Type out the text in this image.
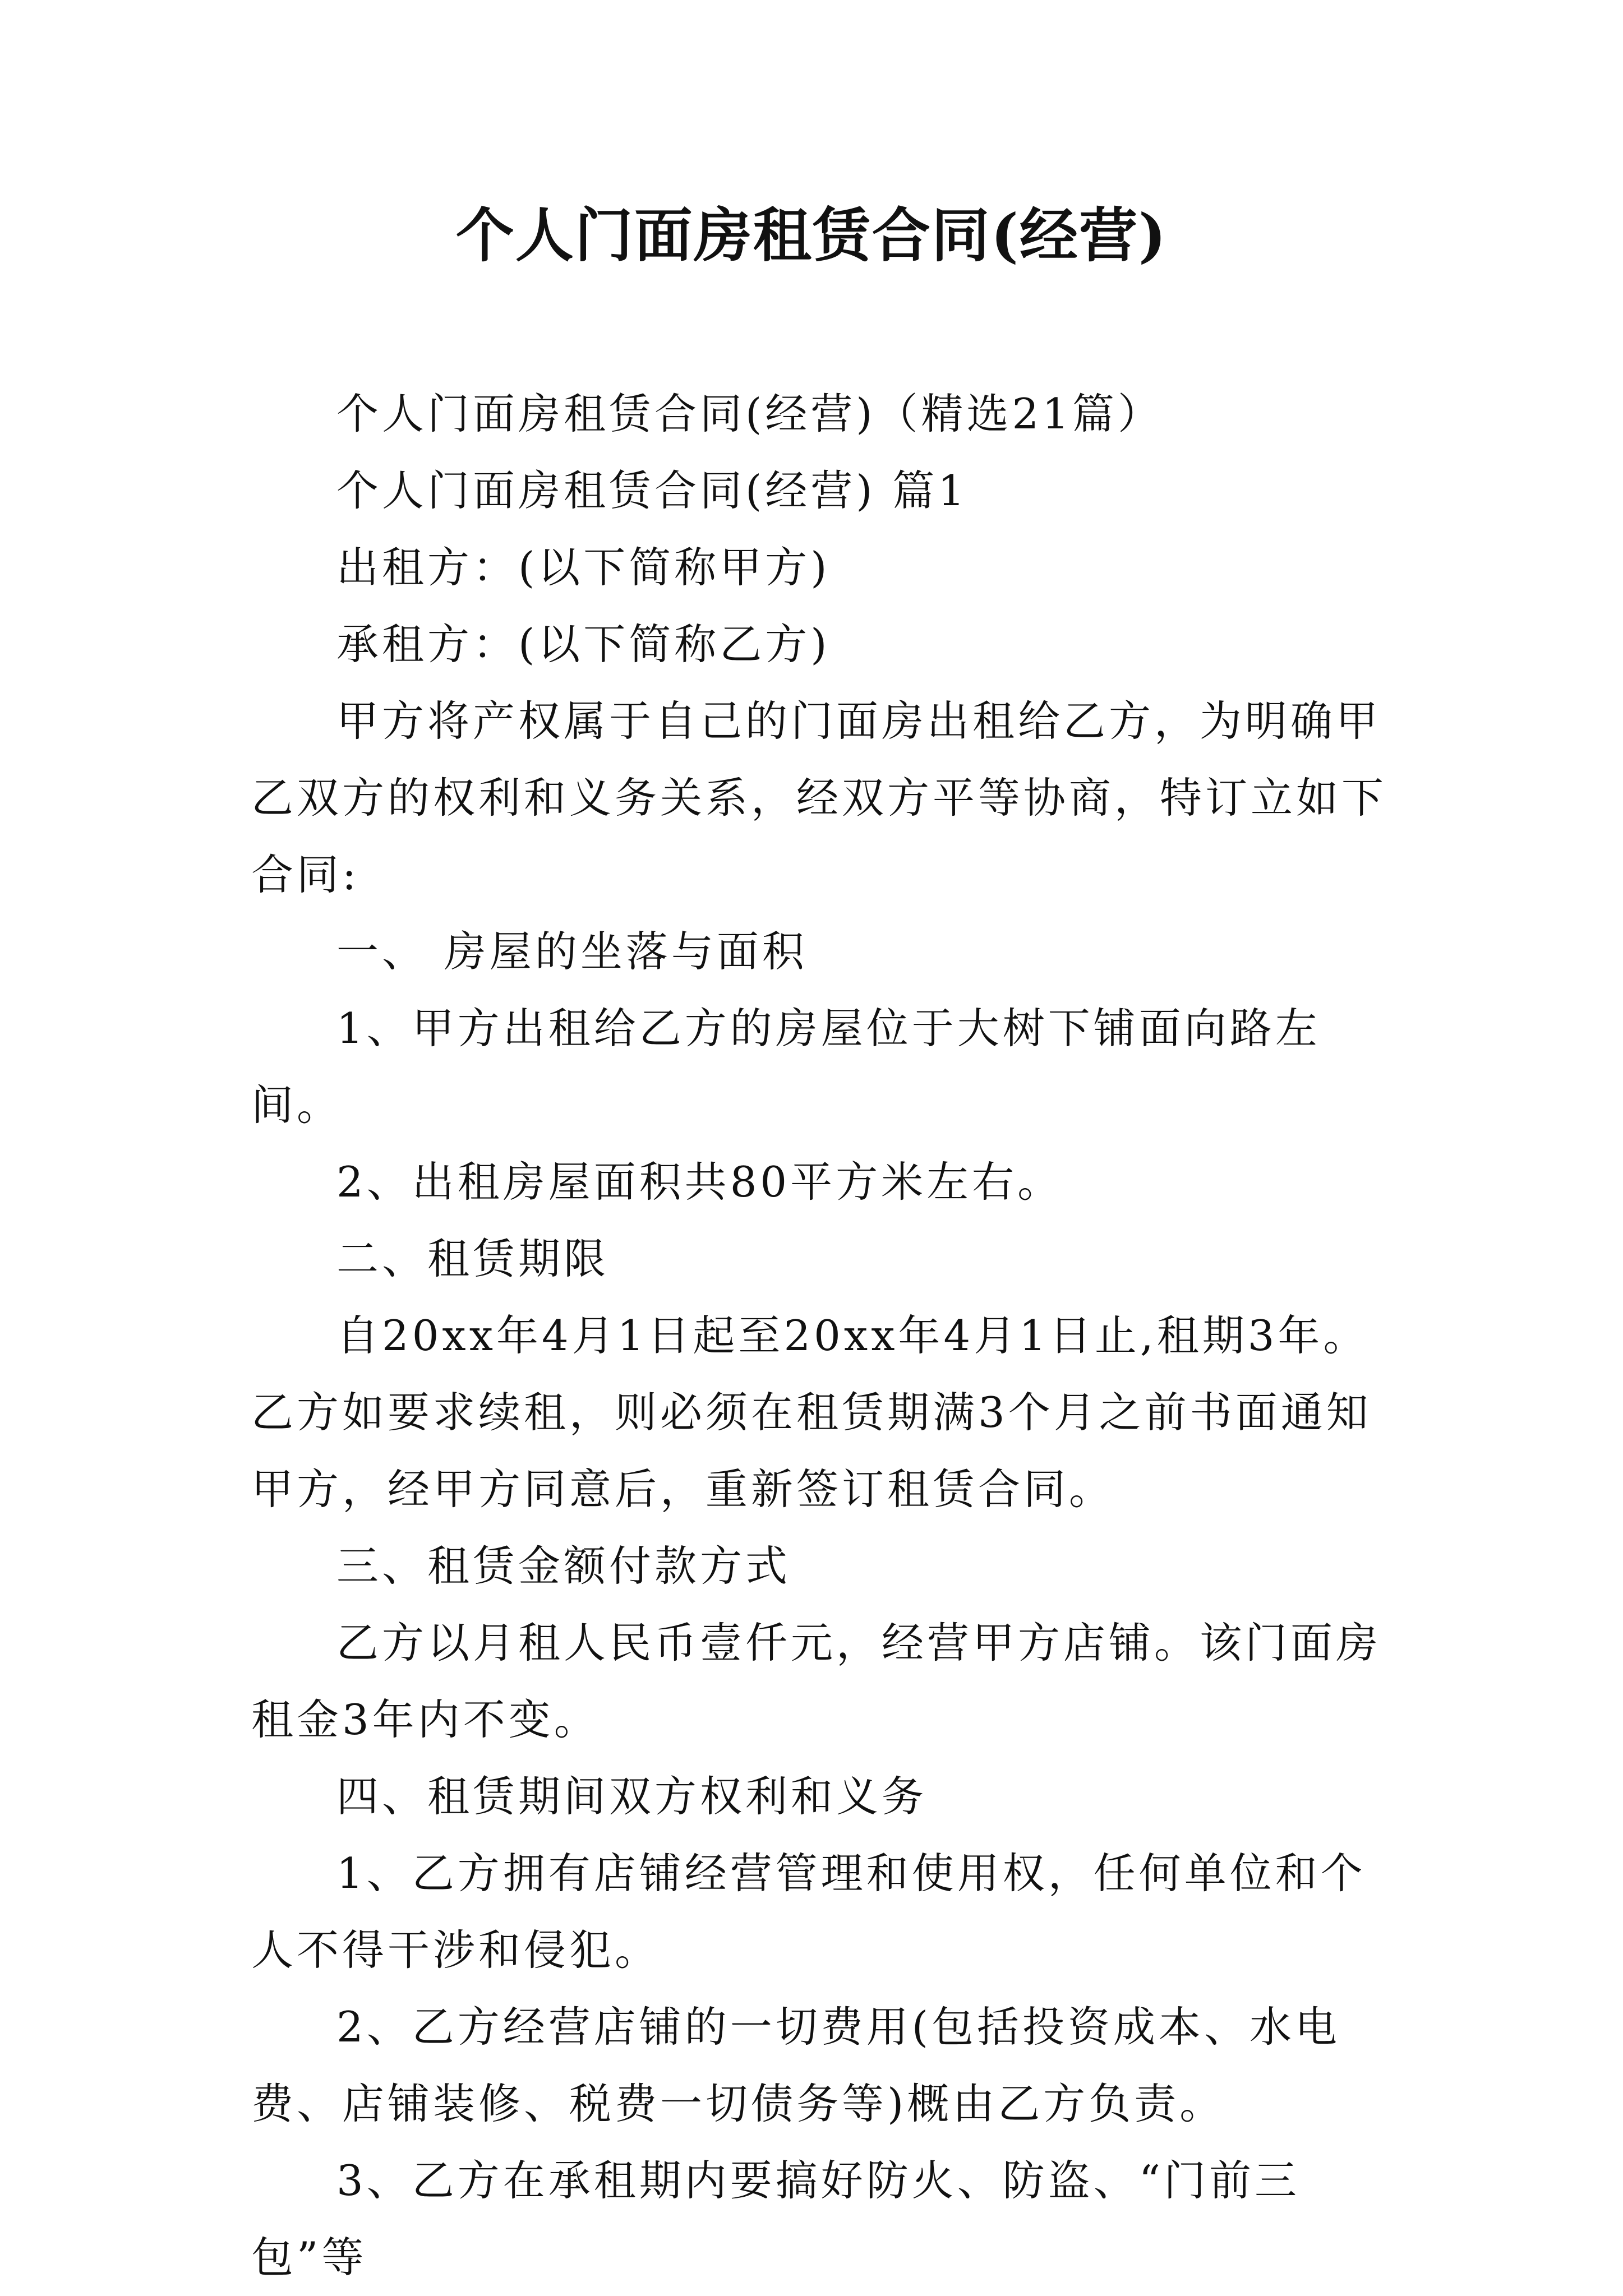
个人门面房租赁合同(经营)

个人门面房租赁合同(经营)（精选21篇）

个人门面房租赁合同(经营) 篇1

出租方：(以下简称甲方)

承租方：(以下简称乙方)

甲方将产权属于自己的门面房出租给乙方，为明确甲乙双方的权利和义务关系，经双方平等协商，特订立如下合同:

一、 房屋的坐落与面积

1、甲方出租给乙方的房屋位于大树下铺面向路左间。

2、出租房屋面积共80平方米左右。

二、租赁期限

自20xx年4月1日起至20xx年4月1日止,租期3年。乙方如要求续租，则必须在租赁期满3个月之前书面通知甲方，经甲方同意后，重新签订租赁合同。

三、租赁金额付款方式

乙方以月租人民币壹仟元，经营甲方店铺。该门面房租金3年内不变。

四、租赁期间双方权利和义务

1、乙方拥有店铺经营管理和使用权，任何单位和个人不得干涉和侵犯。

2、乙方经营店铺的一切费用(包括投资成本、水电费、店铺装修、税费一切债务等)概由乙方负责。

3、乙方在承租期内要搞好防火、防盗、“门前三包”等
